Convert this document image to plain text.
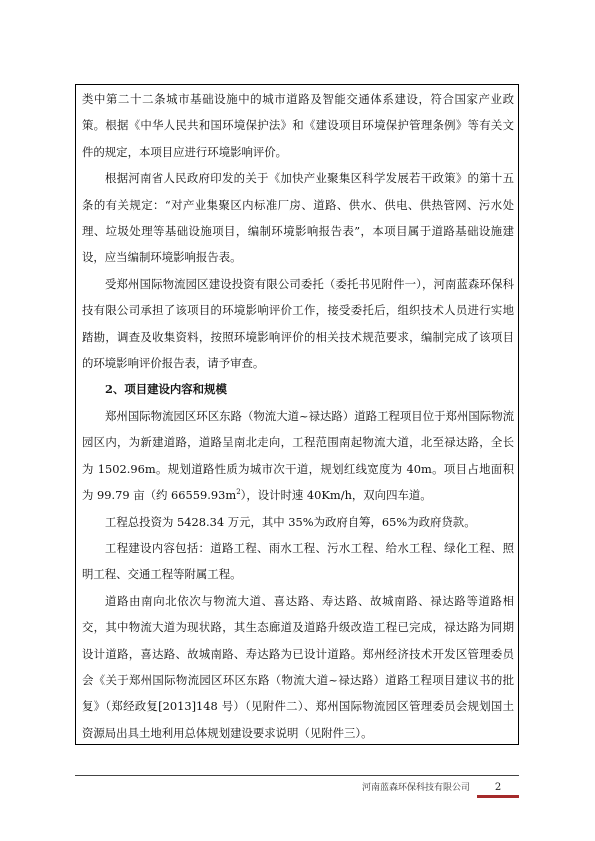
类中第二十二条城市基础设施中的城市道路及智能交通体系建设，符合国家产业政策。根据《中华人民共和国环境保护法》和《建设项目环境保护管理条例》等有关文件的规定，本项目应进行环境影响评价。

根据河南省人民政府印发的关于《加快产业聚集区科学发展若干政策》的第十五条的有关规定：“对产业集聚区内标准厂房、道路、供水、供电、供热管网、污水处理、垃圾处理等基础设施项目，编制环境影响报告表”，本项目属于道路基础设施建设，应当编制环境影响报告表。

受郑州国际物流园区建设投资有限公司委托（委托书见附件一），河南蓝森环保科技有限公司承担了该项目的环境影响评价工作，接受委托后，组织技术人员进行实地踏勘，调查及收集资料，按照环境影响评价的相关技术规范要求，编制完成了该项目的环境影响评价报告表，请予审查。

2、项目建设内容和规模

郑州国际物流园区环区东路（物流大道~禄达路）道路工程项目位于郑州国际物流园区内，为新建道路，道路呈南北走向，工程范围南起物流大道，北至禄达路，全长为 1502.96m。规划道路性质为城市次干道，规划红线宽度为 40m。项目占地面积为 99.79 亩（约 $66559.93m^2$），设计时速 40Km/h，双向四车道。

工程总投资为 5428.34 万元，其中 35%为政府自筹，65%为政府贷款。

工程建设内容包括：道路工程、雨水工程、污水工程、给水工程、绿化工程、照明工程、交通工程等附属工程。

道路由南向北依次与物流大道、喜达路、寿达路、故城南路、禄达路等道路相交，其中物流大道为现状路，其生态廊道及道路升级改造工程已完成，禄达路为同期设计道路，喜达路、故城南路、寿达路为已设计道路。郑州经济技术开发区管理委员会《关于郑州国际物流园区环区东路（物流大道~禄达路）道路工程项目建议书的批复》（郑经政复[2013]148 号）（见附件二）、郑州国际物流园区管理委员会规划国土资源局出具土地利用总体规划建设要求说明（见附件三）。

河南蓝森环保科技有限公司	2
